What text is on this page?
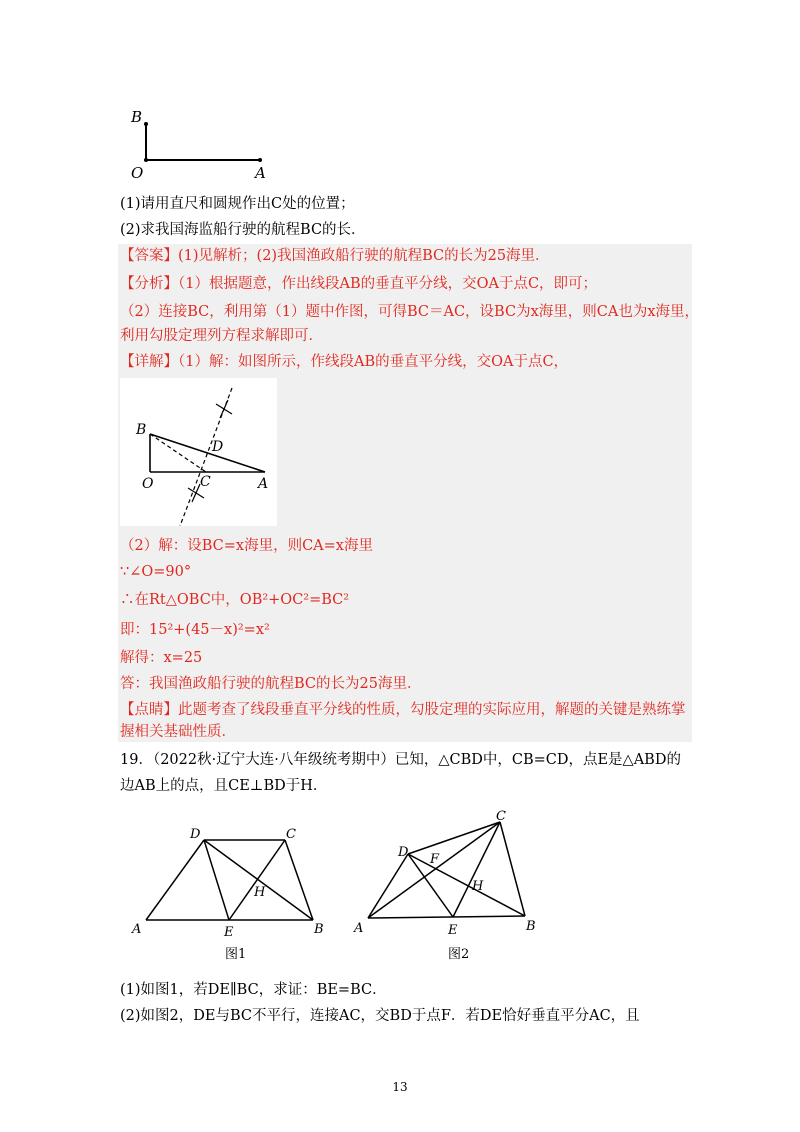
B
O	A
(1)请用直尺和圆规作出C处的位置；
(2)求我国海监船行驶的航程BC的长．
【答案】(1)见解析；(2)我国渔政船行驶的航程BC的长为25海里．
【分析】（1）根据题意，作出线段AB的垂直平分线，交OA于点C，即可；
（2）连接BC，利用第（1）题中作图，可得BC＝AC，设BC为x海里，则CA也为x海里，
利用勾股定理列方程求解即可．
【详解】（1）解：如图所示，作线段AB的垂直平分线，交OA于点C，
B
D
O	C	A
（2）解：设BC=x海里，则CA=x海里
∵∠O=90°
∴在Rt△OBC中，OB²+OC²=BC²
即：15²+(45－x)²=x²
解得：x=25
答：我国渔政船行驶的航程BC的长为25海里．
【点睛】此题考查了线段垂直平分线的性质，勾股定理的实际应用，解题的关键是熟练掌
握相关基础性质．
19．（2022秋·辽宁大连·八年级统考期中）已知，△CBD中，CB=CD，点E是△ABD的
边AB上的点，且CE⊥BD于H．
D	C
H
A	E	B
图1
C
D F
H
A	E	B
图2
(1)如图1，若DE∥BC，求证：BE=BC．
(2)如图2，DE与BC不平行，连接AC，交BD于点F．若DE恰好垂直平分AC，且
13
